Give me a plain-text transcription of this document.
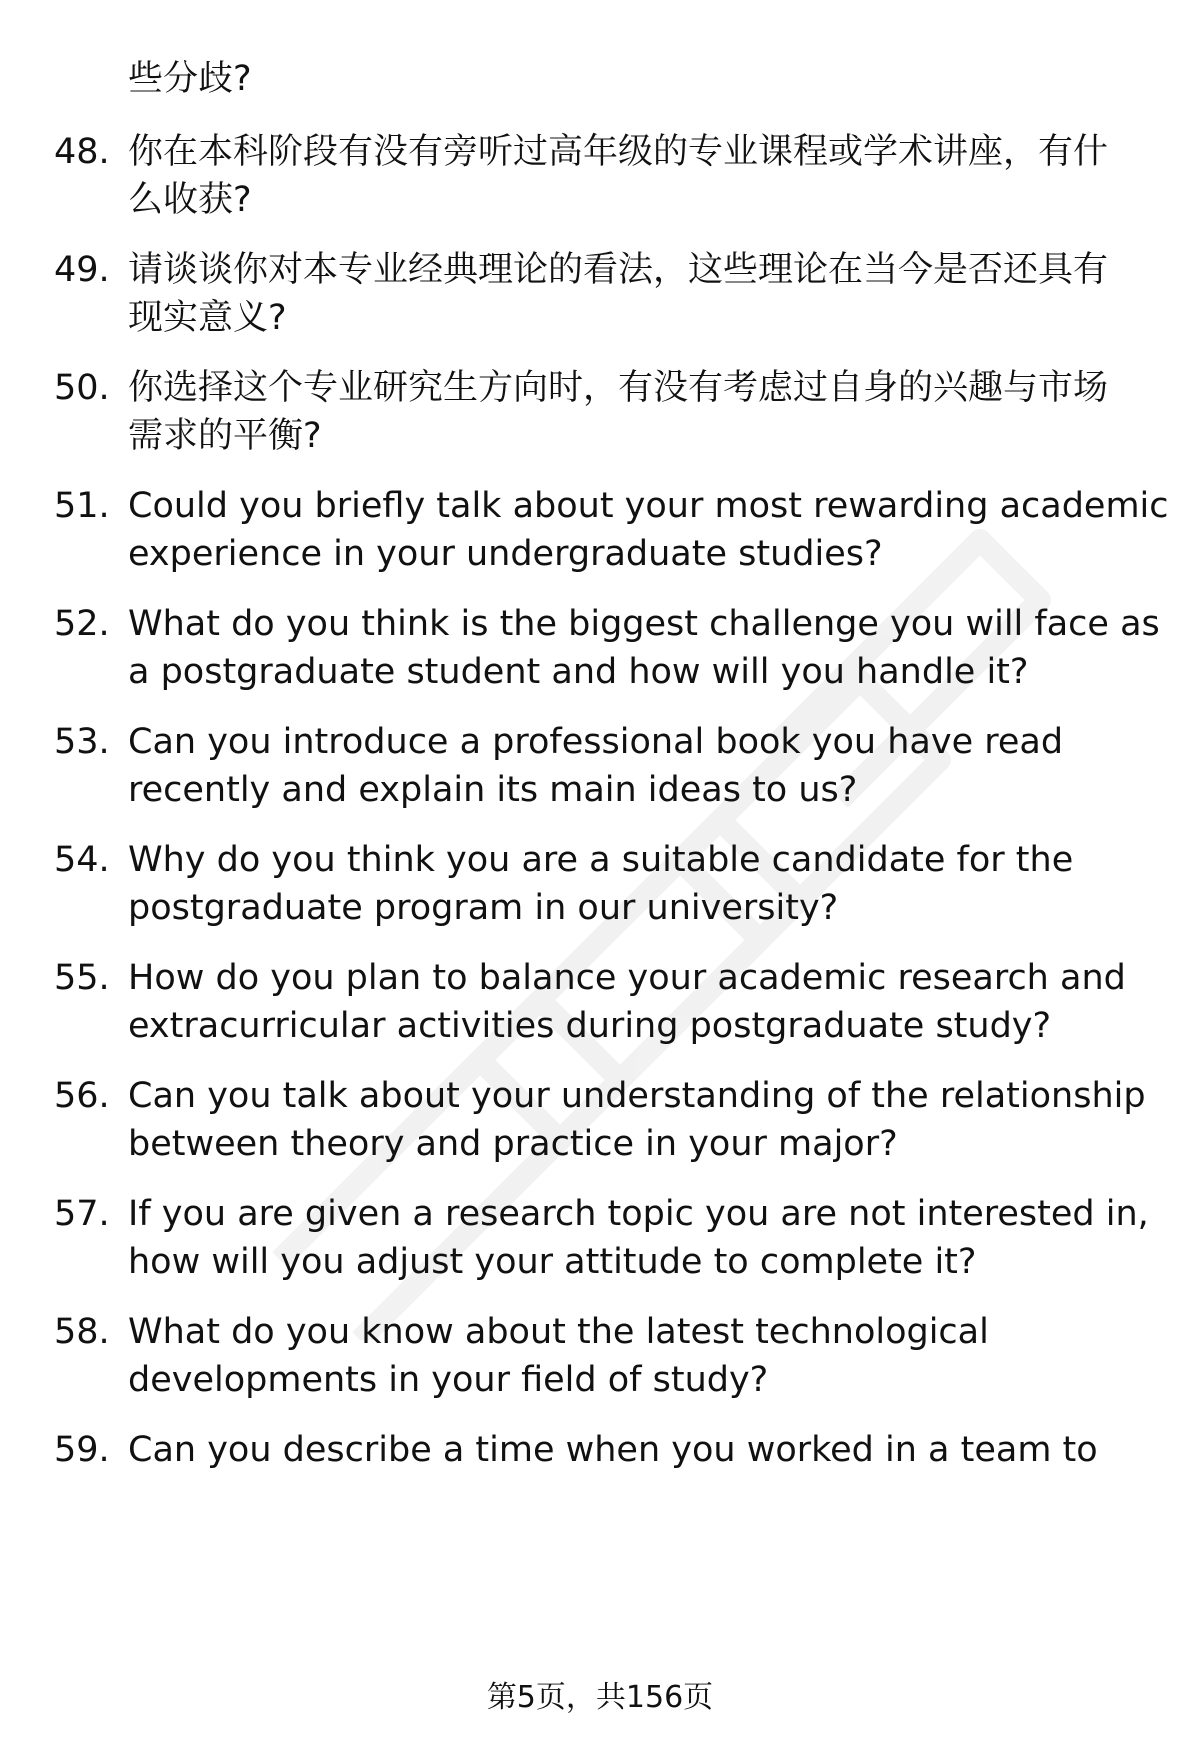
些分歧?
48. 你在本科阶段有没有旁听过高年级的专业课程或学术讲座，有什
么收获?
49. 请谈谈你对本专业经典理论的看法，这些理论在当今是否还具有
现实意义?
50. 你选择这个专业研究生方向时，有没有考虑过自身的兴趣与市场
需求的平衡?
51. Could you briefly talk about your most rewarding academic
experience in your undergraduate studies?
52. What do you think is the biggest challenge you will face as
a postgraduate student and how will you handle it?
53. Can you introduce a professional book you have read
recently and explain its main ideas to us?
54. Why do you think you are a suitable candidate for the
postgraduate program in our university?
55. How do you plan to balance your academic research and
extracurricular activities during postgraduate study?
56. Can you talk about your understanding of the relationship
between theory and practice in your major?
57. If you are given a research topic you are not interested in,
how will you adjust your attitude to complete it?
58. What do you know about the latest technological
developments in your field of study?
59. Can you describe a time when you worked in a team to
第5页，共156页
